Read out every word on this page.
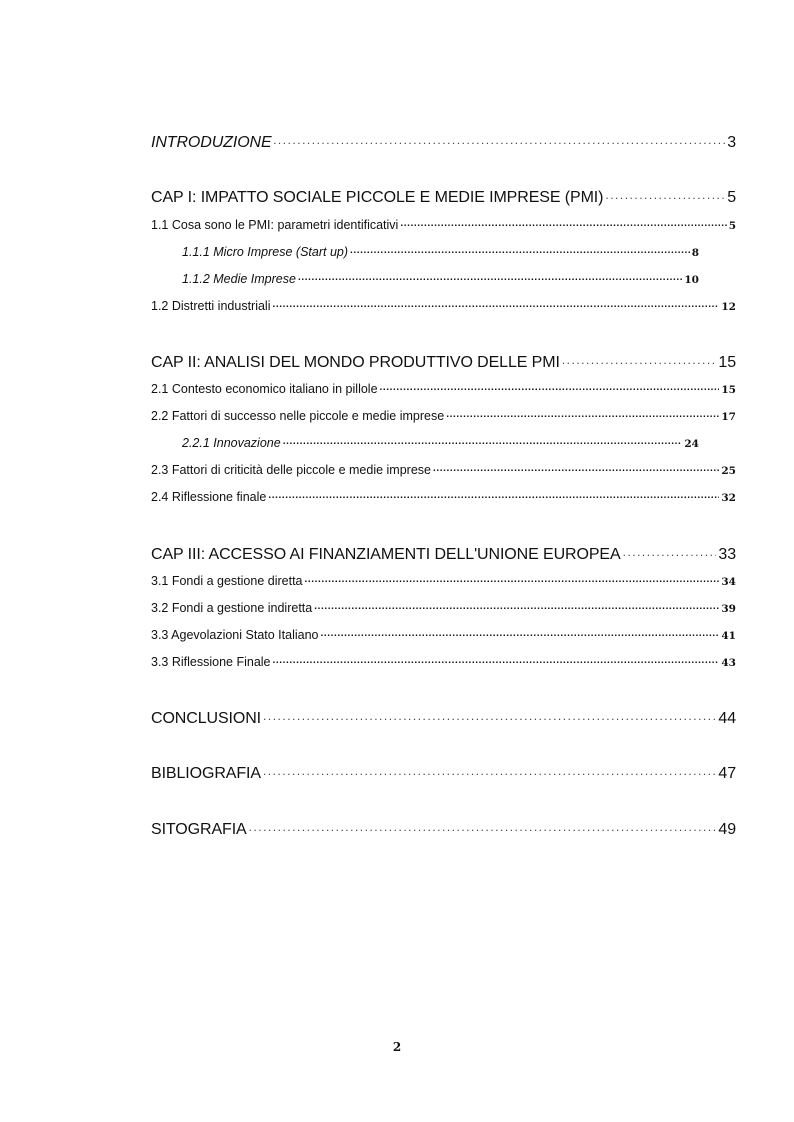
INTRODUZIONE .....	3
CAP I: IMPATTO SOCIALE PICCOLE E MEDIE IMPRESE (PMI) .....	5
1.1 Cosa sono le PMI: parametri identificativi .....	5
1.1.1 Micro Imprese (Start up) .....	8
1.1.2 Medie Imprese .....	10
1.2 Distretti industriali .....	12
CAP II: ANALISI DEL MONDO PRODUTTIVO DELLE PMI .....	15
2.1 Contesto economico italiano in pillole .....	15
2.2 Fattori di successo nelle piccole e medie imprese .....	17
2.2.1 Innovazione .....	24
2.3 Fattori di criticità delle piccole e medie imprese .....	25
2.4 Riflessione finale .....	32
CAP III: ACCESSO AI FINANZIAMENTI DELL'UNIONE EUROPEA .....	33
3.1 Fondi a gestione diretta .....	34
3.2 Fondi a gestione indiretta .....	39
3.3 Agevolazioni Stato Italiano .....	41
3.3 Riflessione Finale .....	43
CONCLUSIONI .....	44
BIBLIOGRAFIA .....	47
SITOGRAFIA .....	49
2
